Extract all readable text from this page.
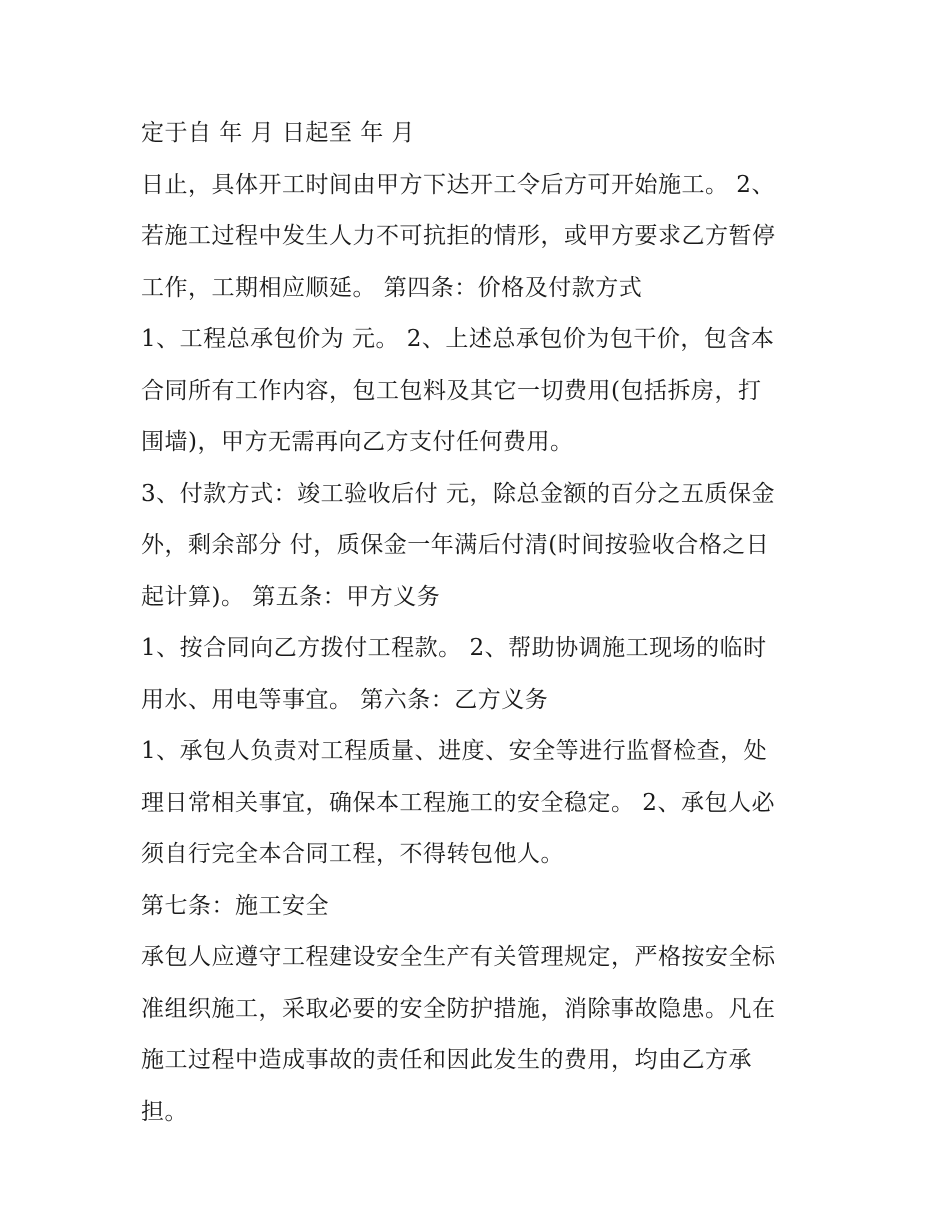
定于自 年 月 日起至 年 月
日止，具体开工时间由甲方下达开工令后方可开始施工。 2、
若施工过程中发生人力不可抗拒的情形，或甲方要求乙方暂停
工作，工期相应顺延。 第四条：价格及付款方式
1、工程总承包价为 元。 2、上述总承包价为包干价，包含本
合同所有工作内容，包工包料及其它一切费用(包括拆房，打
围墙)，甲方无需再向乙方支付任何费用。
3、付款方式：竣工验收后付 元，除总金额的百分之五质保金
外，剩余部分 付，质保金一年满后付清(时间按验收合格之日
起计算)。 第五条：甲方义务
1、按合同向乙方拨付工程款。 2、帮助协调施工现场的临时
用水、用电等事宜。 第六条：乙方义务
1、承包人负责对工程质量、进度、安全等进行监督检查，处
理日常相关事宜，确保本工程施工的安全稳定。 2、承包人必
须自行完全本合同工程，不得转包他人。
第七条：施工安全
承包人应遵守工程建设安全生产有关管理规定，严格按安全标
准组织施工，采取必要的安全防护措施，消除事故隐患。凡在
施工过程中造成事故的责任和因此发生的费用，均由乙方承
担。
